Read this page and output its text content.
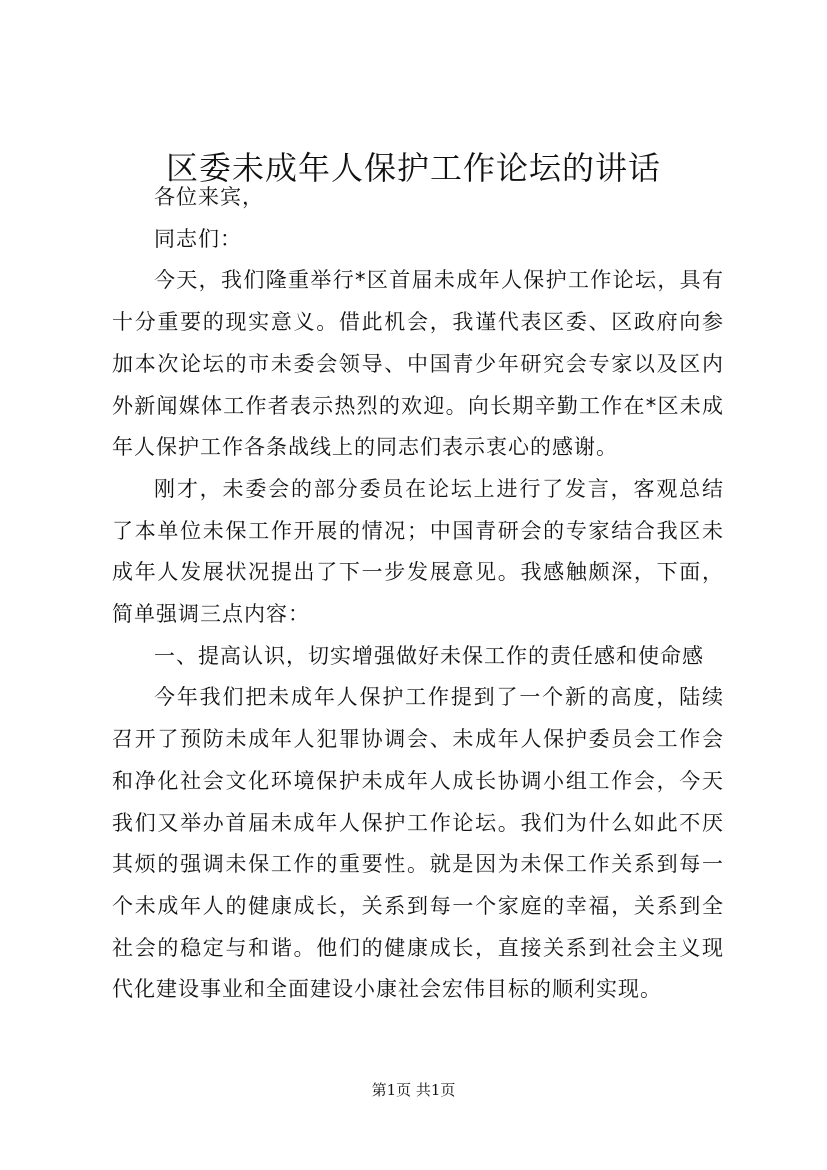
区委未成年人保护工作论坛的讲话

各位来宾，

同志们：

今天，我们隆重举行*区首届未成年人保护工作论坛，具有十分重要的现实意义。借此机会，我谨代表区委、区政府向参加本次论坛的市未委会领导、中国青少年研究会专家以及区内外新闻媒体工作者表示热烈的欢迎。向长期辛勤工作在*区未成年人保护工作各条战线上的同志们表示衷心的感谢。

刚才，未委会的部分委员在论坛上进行了发言，客观总结了本单位未保工作开展的情况；中国青研会的专家结合我区未成年人发展状况提出了下一步发展意见。我感触颇深，下面，简单强调三点内容：

一、提高认识，切实增强做好未保工作的责任感和使命感

今年我们把未成年人保护工作提到了一个新的高度，陆续召开了预防未成年人犯罪协调会、未成年人保护委员会工作会和净化社会文化环境保护未成年人成长协调小组工作会，今天我们又举办首届未成年人保护工作论坛。我们为什么如此不厌其烦的强调未保工作的重要性。就是因为未保工作关系到每一个未成年人的健康成长，关系到每一个家庭的幸福，关系到全社会的稳定与和谐。他们的健康成长，直接关系到社会主义现代化建设事业和全面建设小康社会宏伟目标的顺利实现。

第1页 共1页
